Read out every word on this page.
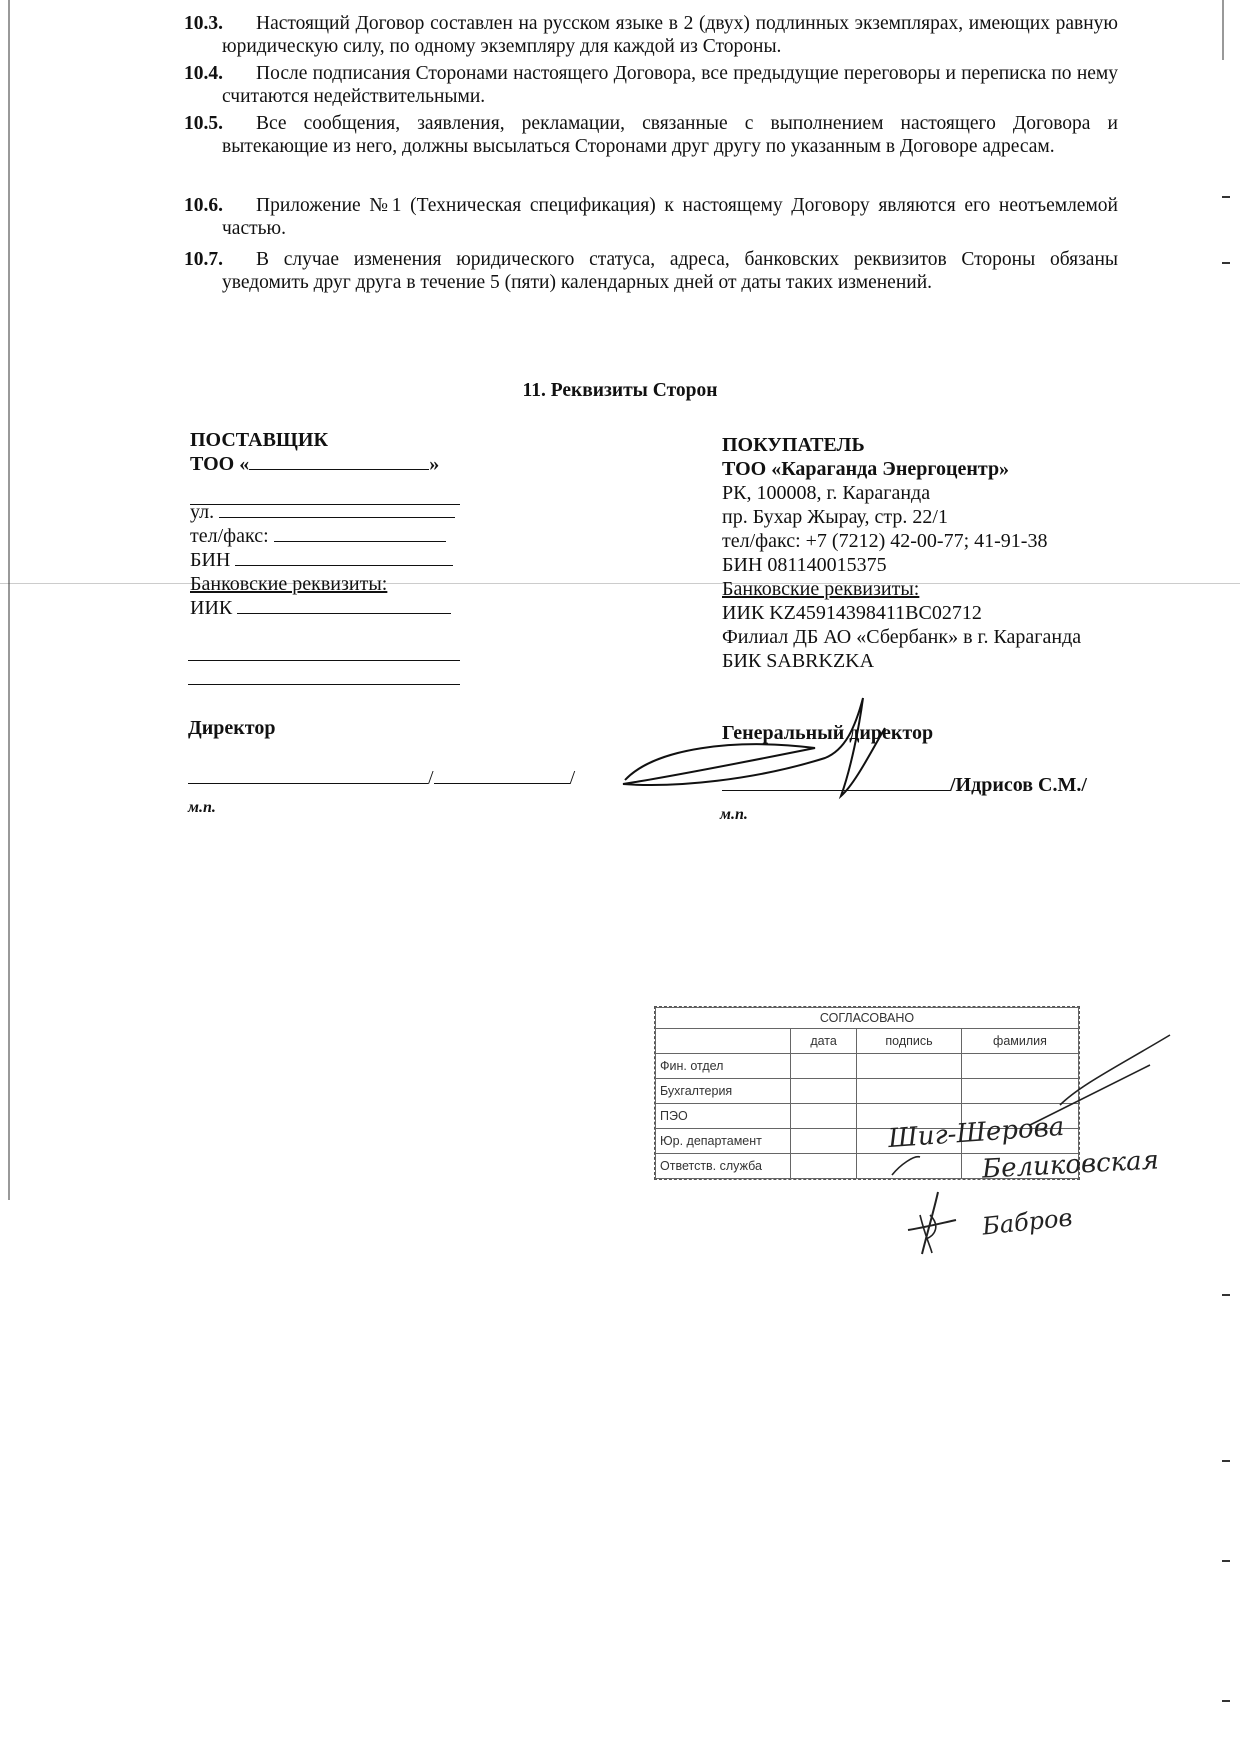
10.3.	Настоящий Договор составлен на русском языке в 2 (двух) подлинных экземплярах, имеющих равную юридическую силу, по одному экземпляру для каждой из Стороны.
10.4.	После подписания Сторонами настоящего Договора, все предыдущие переговоры и переписка по нему считаются недействительными.
10.5.	Все сообщения, заявления, рекламации, связанные с выполнением настоящего Договора и вытекающие из него, должны высылаться Сторонами друг другу по указанным в Договоре адресам.
10.6.	Приложение №1 (Техническая спецификация) к настоящему Договору являются его неотъемлемой частью.
10.7.	В случае изменения юридического статуса, адреса, банковских реквизитов Стороны обязаны уведомить друг друга в течение 5 (пяти) календарных дней от даты таких изменений.
11. Реквизиты Сторон
ПОСТАВЩИК
ТОО «	»
ул.
тел/факс:
БИН
Банковские реквизиты:
ИИК
Директор
/	/
м.п.
ПОКУПАТЕЛЬ
ТОО «Караганда Энергоцентр»
РК, 100008, г. Караганда
пр. Бухар Жырау, стр. 22/1
тел/факс: +7 (7212) 42-00-77; 41-91-38
БИН 081140015375
Банковские реквизиты:
ИИК KZ45914398411BC02712
Филиал ДБ АО «Сбербанк» в г. Караганда
БИК SABRKZKA
Генеральный директор
/Идрисов С.М./
м.п.
СОГЛАСОВАНО			
	дата	подпись	фамилия
Фин. отдел			
Бухгалтерия			
ПЭО			
Юр. департамент			
Ответств. служба			
Шиг-Шерова
Беликовская
Бабров
